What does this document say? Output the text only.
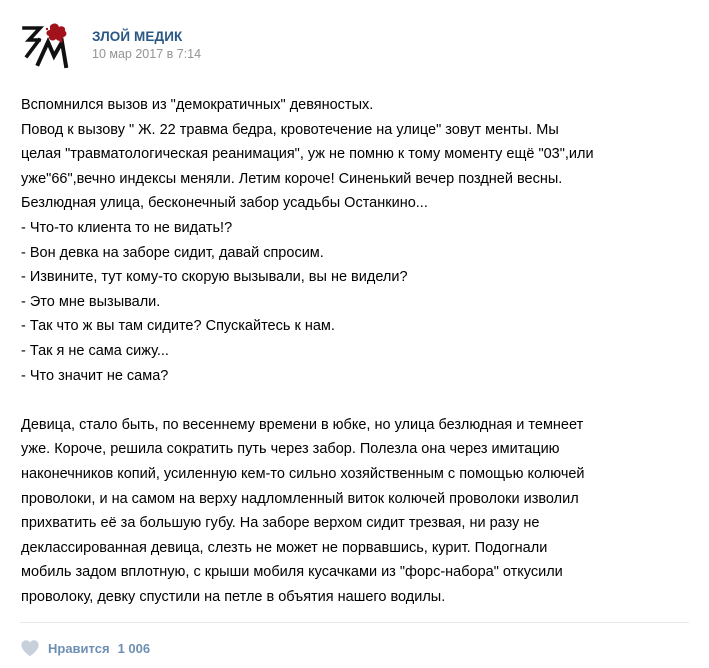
ЗЛОЙ МЕДИК
10 мар 2017 в 7:14
Вспомнился вызов из "демократичных" девяностых.
Повод к вызову " Ж. 22 травма бедра, кровотечение на улице" зовут менты. Мы
целая "травматологическая реанимация", уж не помню к тому моменту ещё "03",или
уже"66",вечно индексы меняли. Летим короче! Синенький вечер поздней весны.
Безлюдная улица, бесконечный забор усадьбы Останкино...
- Что-то клиента то не видать!?
- Вон девка на заборе сидит, давай спросим.
- Извините, тут кому-то скорую вызывали, вы не видели?
- Это мне вызывали.
- Так что ж вы там сидите? Спускайтесь к нам.
- Так я не сама сижу...
- Что значит не сама?
Девица, стало быть, по весеннему времени в юбке, но улица безлюдная и темнеет
уже. Короче, решила сократить путь через забор. Полезла она через имитацию
наконечников копий, усиленную кем-то сильно хозяйственным с помощью колючей
проволоки, и на самом на верху надломленный виток колючей проволоки изволил
прихватить её за большую губу. На заборе верхом сидит трезвая, ни разу не
деклассированная девица, слезть не может не порвавшись, курит. Подогнали
мобиль задом вплотную, с крыши мобиля кусачками из "форс-набора" откусили
проволоку, девку спустили на петле в объятия нашего водилы.
Нравится 1 006
